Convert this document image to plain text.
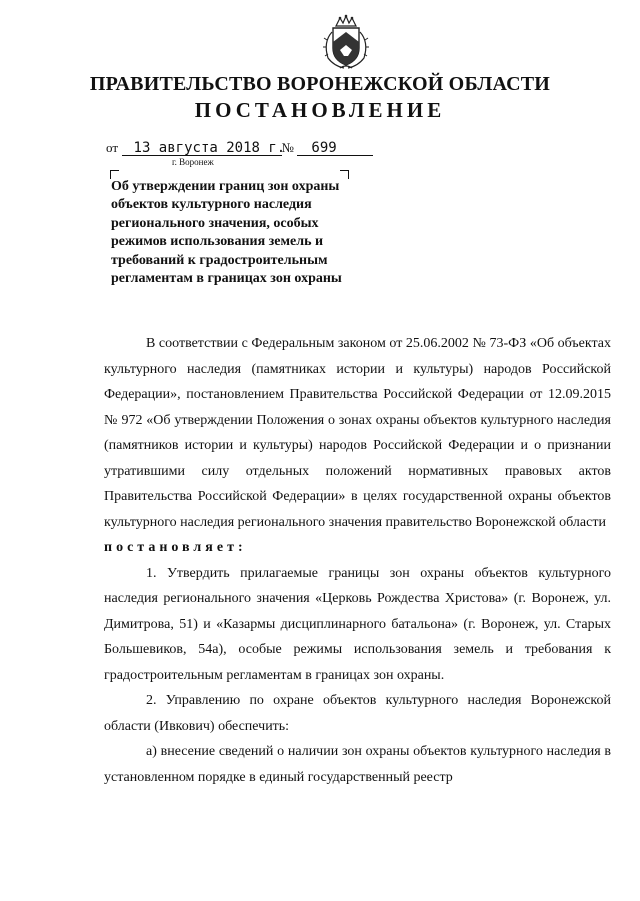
ПРАВИТЕЛЬСТВО ВОРОНЕЖСКОЙ ОБЛАСТИ
ПОСТАНОВЛЕНИЕ
от 13 августа 2018 г.№ 699
г. Воронеж
Об утверждении границ зон охраны объектов культурного наследия регионального значения, особых режимов использования земель и требований к градостроительным регламентам в границах зон охраны

В соответствии с Федеральным законом от 25.06.2002 № 73-ФЗ «Об объектах культурного наследия (памятниках истории и культуры) народов Российской Федерации», постановлением Правительства Российской Федерации от 12.09.2015 № 972 «Об утверждении Положения о зонах охраны объектов культурного наследия (памятников истории и культуры) народов Российской Федерации и о признании утратившими силу отдельных положений нормативных правовых актов Правительства Российской Федерации» в целях государственной охраны объектов культурного наследия регионального значения правительство Воронежской области

постановляет:

1. Утвердить прилагаемые границы зон охраны объектов культурного наследия регионального значения «Церковь Рождества Христова» (г. Воронеж, ул. Димитрова, 51) и «Казармы дисциплинарного батальона» (г. Воронеж, ул. Старых Большевиков, 54а), особые режимы использования земель и требования к градостроительным регламентам в границах зон охраны.

2. Управлению по охране объектов культурного наследия Воронежской области (Ивкович) обеспечить:

а) внесение сведений о наличии зон охраны объектов культурного наследия в установленном порядке в единый государственный реестр
